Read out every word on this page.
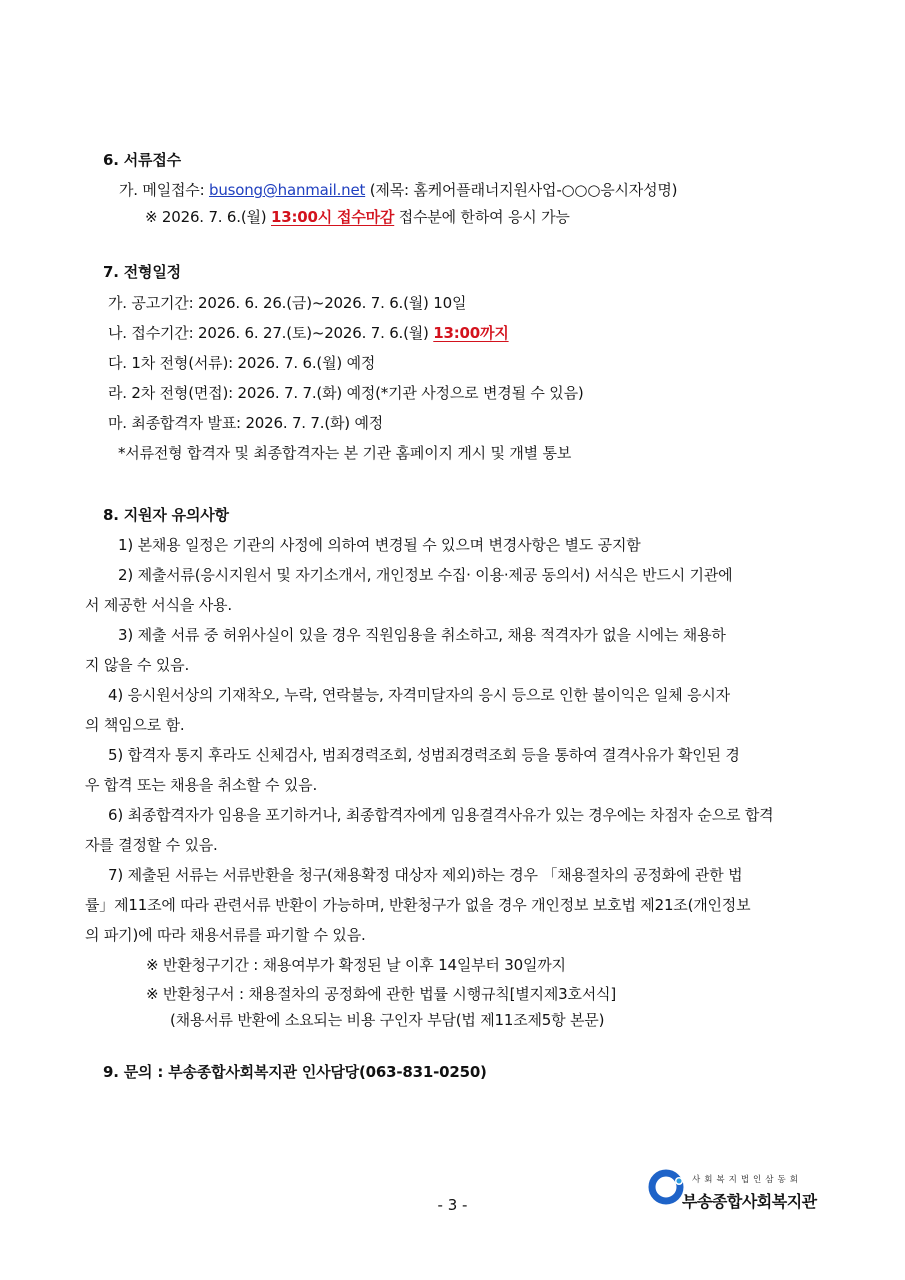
6. 서류접수
가. 메일접수: busong@hanmail.net (제목: 홈케어플래너지원사업-○○○응시자성명)
※ 2026. 7. 6.(월) 13:00시 접수마감 접수분에 한하여 응시 가능
7. 전형일정
가. 공고기간: 2026. 6. 26.(금)~2026. 7. 6.(월) 10일
나. 접수기간: 2026. 6. 27.(토)~2026. 7. 6.(월) 13:00까지
다. 1차 전형(서류): 2026. 7. 6.(월) 예정
라. 2차 전형(면접): 2026. 7. 7.(화) 예정(*기관 사정으로 변경될 수 있음)
마. 최종합격자 발표: 2026. 7. 7.(화) 예정
*서류전형 합격자 및 최종합격자는 본 기관 홈페이지 게시 및 개별 통보
8. 지원자 유의사항
1) 본채용 일정은 기관의 사정에 의하여 변경될 수 있으며 변경사항은 별도 공지함
2) 제출서류(응시지원서 및 자기소개서, 개인정보 수집· 이용·제공 동의서) 서식은 반드시 기관에
서 제공한 서식을 사용.
3) 제출 서류 중 허위사실이 있을 경우 직원임용을 취소하고, 채용 적격자가 없을 시에는 채용하
지 않을 수 있음.
4) 응시원서상의 기재착오, 누락, 연락불능, 자격미달자의 응시 등으로 인한 불이익은 일체 응시자
의 책임으로 함.
5) 합격자 통지 후라도 신체검사, 범죄경력조회, 성범죄경력조회 등을 통하여 결격사유가 확인된 경
우 합격 또는 채용을 취소할 수 있음.
6) 최종합격자가 임용을 포기하거나, 최종합격자에게 임용결격사유가 있는 경우에는 차점자 순으로 합격
자를 결정할 수 있음.
7) 제출된 서류는 서류반환을 청구(채용확정 대상자 제외)하는 경우 「채용절차의 공정화에 관한 법
률」제11조에 따라 관련서류 반환이 가능하며, 반환청구가 없을 경우 개인정보 보호법 제21조(개인정보
의 파기)에 따라 채용서류를 파기할 수 있음.
※ 반환청구기간 : 채용여부가 확정된 날 이후 14일부터 30일까지
※ 반환청구서 : 채용절차의 공정화에 관한 법률 시행규칙[별지제3호서식]
(채용서류 반환에 소요되는 비용 구인자 부담(법 제11조제5항 본문)
9. 문의 : 부송종합사회복지관 인사담당(063-831-0250)
- 3 -
사회복지법인삼동회
부송종합사회복지관
